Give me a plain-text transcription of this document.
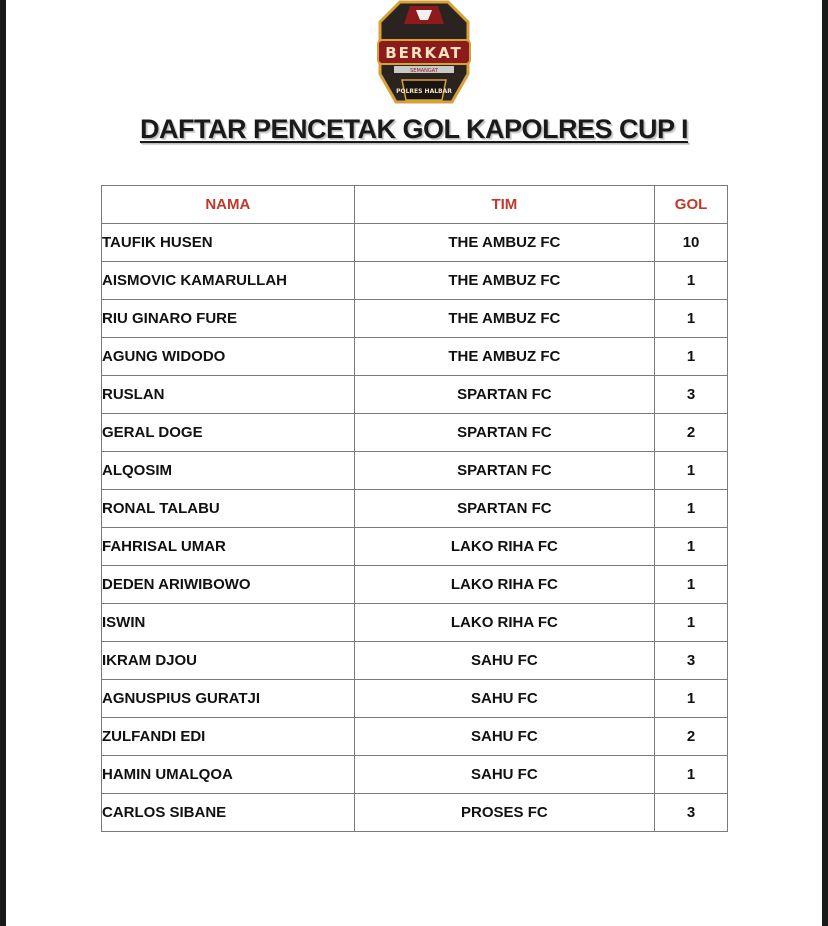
BERKAT
SEMANGAT
POLRES HALBAR
DAFTAR PENCETAK GOL KAPOLRES CUP I
NAMA	TIM	GOL
TAUFIK HUSEN	THE AMBUZ FC	10
AISMOVIC KAMARULLAH	THE AMBUZ FC	1
RIU GINARO FURE	THE AMBUZ FC	1
AGUNG WIDODO	THE AMBUZ FC	1
RUSLAN	SPARTAN FC	3
GERAL DOGE	SPARTAN FC	2
ALQOSIM	SPARTAN FC	1
RONAL TALABU	SPARTAN FC	1
FAHRISAL UMAR	LAKO RIHA FC	1
DEDEN ARIWIBOWO	LAKO RIHA FC	1
ISWIN	LAKO RIHA FC	1
IKRAM DJOU	SAHU FC	3
AGNUSPIUS GURATJI	SAHU FC	1
ZULFANDI EDI	SAHU FC	2
HAMIN UMALQOA	SAHU FC	1
CARLOS SIBANE	PROSES FC	3
